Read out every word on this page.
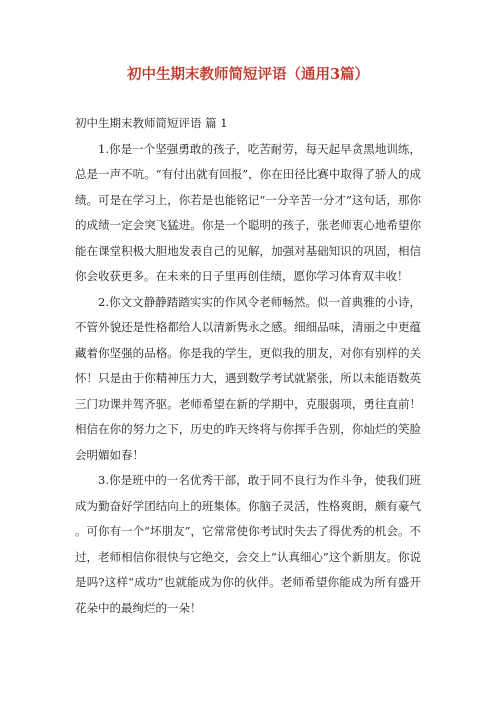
初中生期末教师简短评语（通用3篇）

初中生期末教师简短评语 篇 1

1.你是一个坚强勇敢的孩子，吃苦耐劳，每天起早贪黑地训练，总是一声不吭。“有付出就有回报”，你在田径比赛中取得了骄人的成绩。可是在学习上，你若是也能铭记“一分辛苦一分才”这句话，那你的成绩一定会突飞猛进。你是一个聪明的孩子，张老师衷心地希望你能在课堂积极大胆地发表自己的见解，加强对基础知识的巩固，相信你会收获更多。在未来的日子里再创佳绩，愿你学习体育双丰收！

2.你文文静静踏踏实实的作风令老师畅然。似一首典雅的小诗，不管外貌还是性格都给人以清新隽永之感。细细品味，清丽之中更蕴藏着你坚强的品格。你是我的学生，更似我的朋友，对你有别样的关怀！只是由于你精神压力大，遇到数学考试就紧张，所以未能语数英三门功课并驾齐驱。老师希望在新的学期中，克服弱项，勇往直前！相信在你的努力之下，历史的昨天终将与你挥手告别，你灿烂的笑脸会明媚如春！

3.你是班中的一名优秀干部，敢于同不良行为作斗争，使我们班成为勤奋好学团结向上的班集体。你脑子灵活，性格爽朗，颇有豪气。可你有一个“坏朋友”，它常常使你考试时失去了得优秀的机会。不过，老师相信你很快与它绝交，会交上“认真细心”这个新朋友。你说是吗?这样“成功”也就能成为你的伙伴。老师希望你能成为所有盛开花朵中的最绚烂的一朵！
